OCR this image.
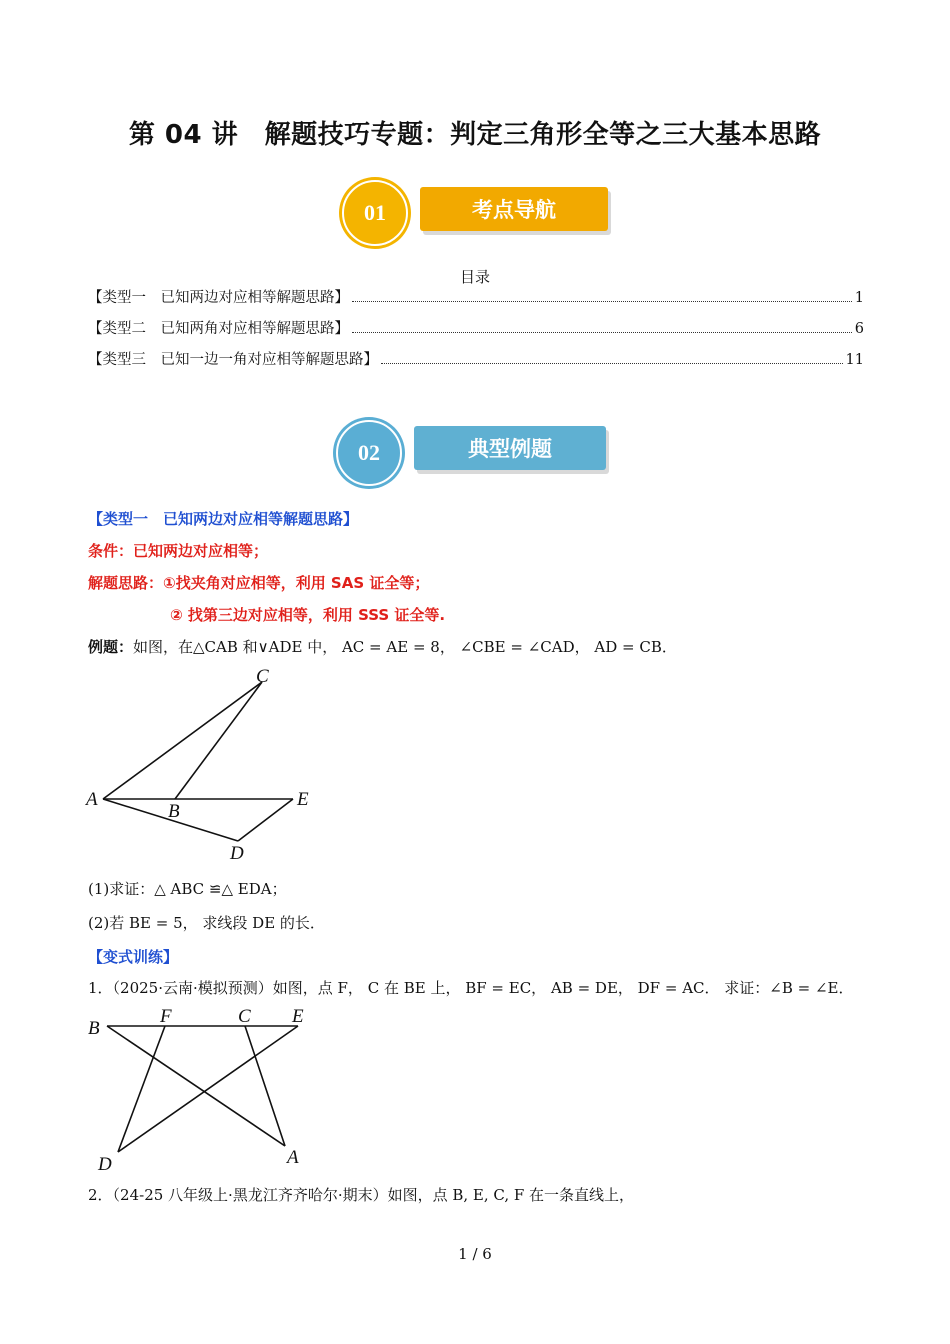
第 04 讲　解题技巧专题：判定三角形全等之三大基本思路
考点导航
01
目录
【类型一　已知两边对应相等解题思路】	1
【类型二　已知两角对应相等解题思路】	6
【类型三　已知一边一角对应相等解题思路】	11
典型例题
02
【类型一　已知两边对应相等解题思路】
条件：已知两边对应相等；
解题思路：①找夹角对应相等，利用 SAS 证全等；
② 找第三边对应相等，利用 SSS 证全等.
例题：如图，在△CAB 和∨ADE 中， AC = AE = 8， ∠CBE = ∠CAD， AD = CB．
C
A
B
E
D
(1)求证：△ ABC ≌△ EDA；
(2)若 BE = 5， 求线段 DE 的长．
【变式训练】
1．（2025·云南·模拟预测）如图，点 F， C 在 BE 上， BF = EC， AB = DE， DF = AC． 求证：∠B = ∠E．
B
F	C E
D	A
2．（24-25 八年级上·黑龙江齐齐哈尔·期末）如图，点 B, E, C, F 在一条直线上，
1 / 6
